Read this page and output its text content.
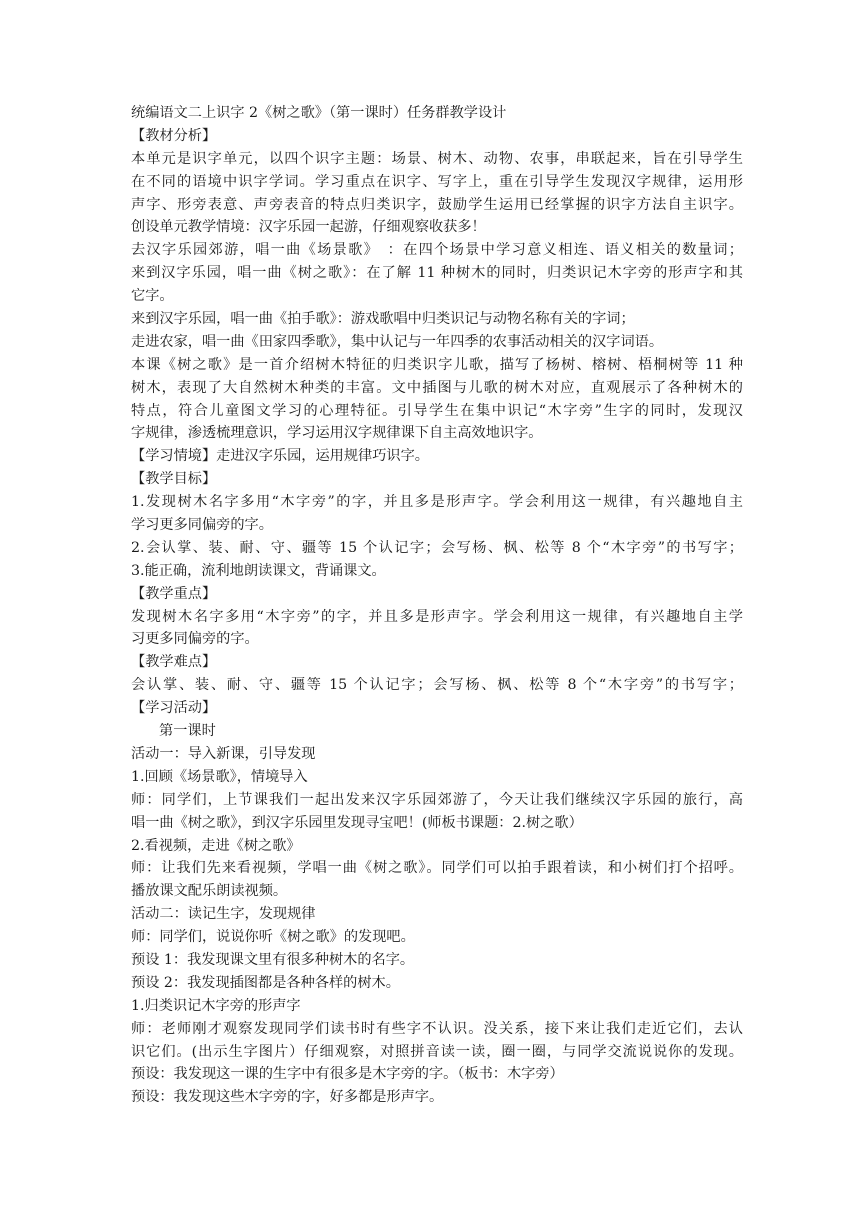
统编语文二上识字 2《树之歌》（第一课时）任务群教学设计
【教材分析】
本单元是识字单元，以四个识字主题：场景、树木、动物、农事，串联起来，旨在引导学生
在不同的语境中识字学词。学习重点在识字、写字上，重在引导学生发现汉字规律，运用形
声字、形旁表意、声旁表音的特点归类识字，鼓励学生运用已经掌握的识字方法自主识字。
创设单元教学情境：汉字乐园一起游，仔细观察收获多！
去汉字乐园郊游，唱一曲《场景歌》　：在四个场景中学习意义相连、语义相关的数量词；
来到汉字乐园，唱一曲《树之歌》：在了解 11 种树木的同时，归类识记木字旁的形声字和其
它字。
来到汉字乐园，唱一曲《拍手歌》：游戏歌唱中归类识记与动物名称有关的字词；
走进农家，唱一曲《田家四季歌》，集中认记与一年四季的农事活动相关的汉字词语。
本课《树之歌》是一首介绍树木特征的归类识字儿歌，描写了杨树、榕树、梧桐树等 11 种
树木，表现了大自然树木种类的丰富。文中插图与儿歌的树木对应，直观展示了各种树木的
特点，符合儿童图文学习的心理特征。引导学生在集中识记“木字旁”生字的同时，发现汉
字规律，渗透梳理意识，学习运用汉字规律课下自主高效地识字。
【学习情境】走进汉字乐园，运用规律巧识字。
【教学目标】
1.发现树木名字多用“木字旁”的字，并且多是形声字。学会利用这一规律，有兴趣地自主
学习更多同偏旁的字。
2.会认掌、装、耐、守、疆等 15 个认记字；会写杨、枫、松等 8 个“木字旁”的书写字；
3.能正确，流利地朗读课文，背诵课文。
【教学重点】
发现树木名字多用“木字旁”的字，并且多是形声字。学会利用这一规律，有兴趣地自主学
习更多同偏旁的字。
【教学难点】
会认掌、装、耐、守、疆等 15 个认记字；会写杨、枫、松等 8 个“木字旁”的书写字；
【学习活动】
第一课时
活动一：导入新课，引导发现
1.回顾《场景歌》，情境导入
师：同学们，上节课我们一起出发来汉字乐园郊游了，今天让我们继续汉字乐园的旅行，高
唱一曲《树之歌》，到汉字乐园里发现寻宝吧！(师板书课题：2.树之歌）
2.看视频，走进《树之歌》
师：让我们先来看视频，学唱一曲《树之歌》。同学们可以拍手跟着读，和小树们打个招呼。
播放课文配乐朗读视频。
活动二：读记生字，发现规律
师：同学们，说说你听《树之歌》的发现吧。
预设 1：我发现课文里有很多种树木的名字。
预设 2：我发现插图都是各种各样的树木。
1.归类识记木字旁的形声字
师：老师刚才观察发现同学们读书时有些字不认识。没关系，接下来让我们走近它们，去认
识它们。(出示生字图片）仔细观察，对照拼音读一读，圈一圈，与同学交流说说你的发现。
预设：我发现这一课的生字中有很多是木字旁的字。（板书：木字旁）
预设：我发现这些木字旁的字，好多都是形声字。
